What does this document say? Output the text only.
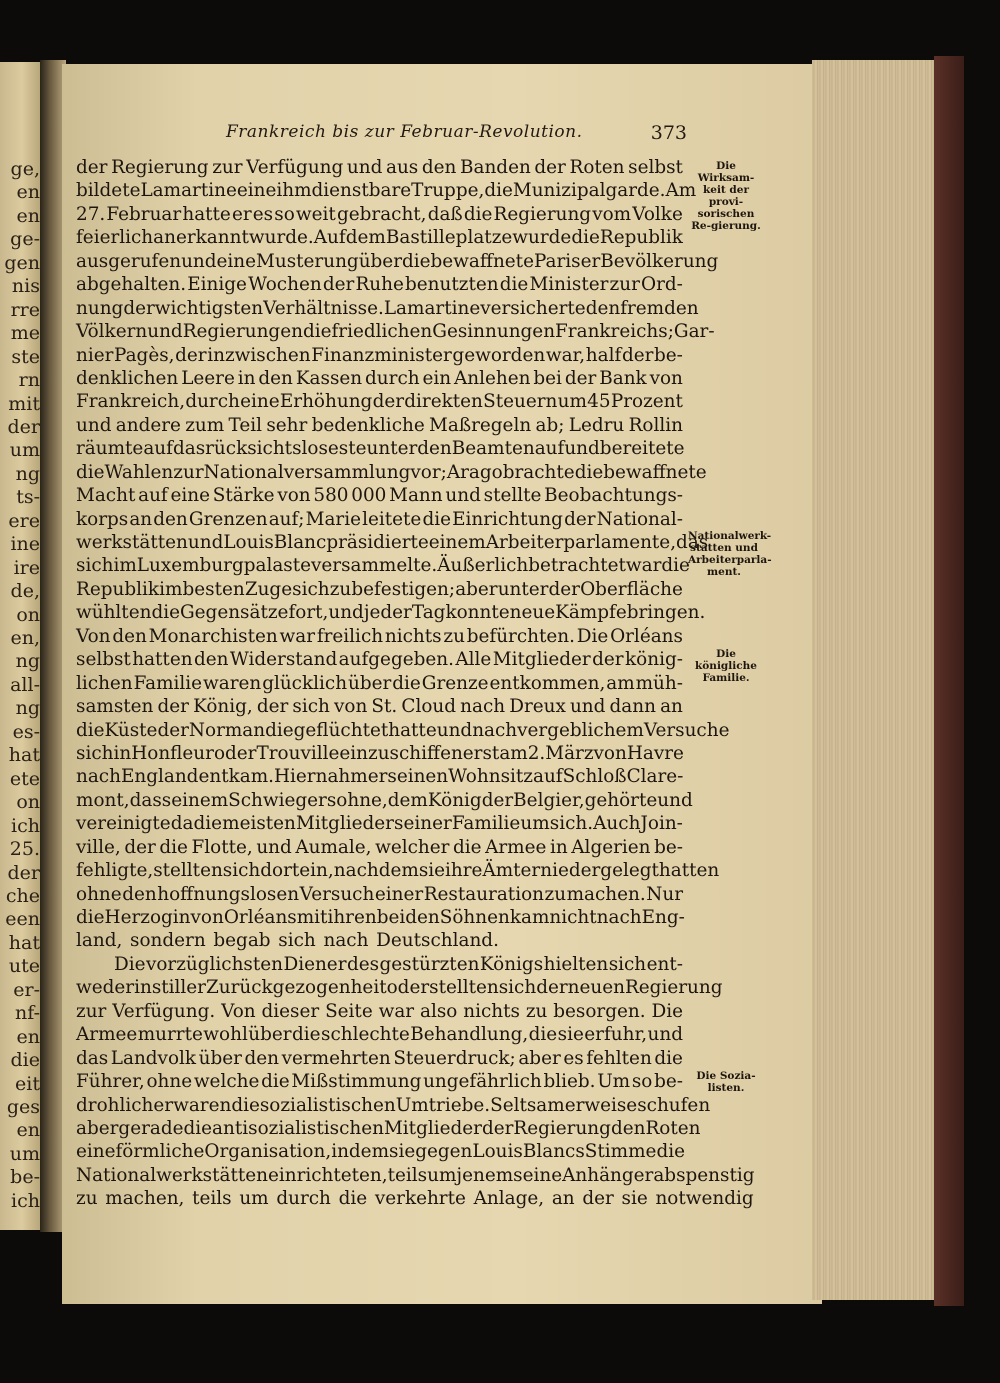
ge,
en
en
ge-
gen
nis
rre
me
ste
rn
mit
der
um
ng
ts-
ere
ine
ire
de,
on
en,
ng
all-
ng
es-
hat
ete
on
ich
25.
der
che
een
hat
ute
er-
nf-
en
die
eit
ges
en
um
be-
ich
Frankreich bis zur Februar-Revolution.	373
der Regierung zur Verfügung und aus den Banden der Roten selbst
bildete Lamartine eine ihm dienstbare Truppe, die Munizipalgarde. Am
27. Februar hatte er es so weit gebracht, daß die Regierung vom Volke
feierlich anerkannt wurde. Auf dem Bastilleplatze wurde die Republik
ausgerufen und eine Musterung über die bewaffnete Pariser Bevölkerung
abgehalten. Einige Wochen der Ruhe benutzten die Minister zur Ord-
nung der wichtigsten Verhältnisse. Lamartine versicherte den fremden
Völkern und Regierungen die friedlichen Gesinnungen Frankreichs; Gar-
nier Pagès, der inzwischen Finanzminister geworden war, half der be-
denklichen Leere in den Kassen durch ein Anlehen bei der Bank von
Frankreich, durch eine Erhöhung der direkten Steuern um 45 Prozent
und andere zum Teil sehr bedenkliche Maßregeln ab; Ledru Rollin
räumte auf das rücksichtsloseste unter den Beamten auf und bereitete
die Wahlen zur Nationalversammlung vor; Arago brachte die bewaffnete
Macht auf eine Stärke von 580 000 Mann und stellte Beobachtungs-
korps an den Grenzen auf; Marie leitete die Einrichtung der National-
werkstätten und Louis Blanc präsidierte einem Arbeiterparlamente, das
sich im Luxemburgpalaste versammelte. Äußerlich betrachtet war die
Republik im besten Zuge sich zu befestigen; aber unter der Oberfläche
wühlten die Gegensätze fort, und jeder Tag konnte neue Kämpfe bringen.
Von den Monarchisten war freilich nichts zu befürchten. Die Orléans
selbst hatten den Widerstand aufgegeben. Alle Mitglieder der könig-
lichen Familie waren glücklich über die Grenze entkommen, am müh-
samsten der König, der sich von St. Cloud nach Dreux und dann an
die Küste der Normandie geflüchtet hatte und nach vergeblichem Versuche
sich in Honfleur oder Trouville einzuschiffen erst am 2. März von Havre
nach England entkam. Hier nahm er seinen Wohnsitz auf Schloß Clare-
mont, das seinem Schwiegersohne, dem König der Belgier, gehörte und
vereinigte da die meisten Mitglieder seiner Familie um sich. Auch Join-
ville, der die Flotte, und Aumale, welcher die Armee in Algerien be-
fehligte, stellten sich dort ein, nachdem sie ihre Ämter niedergelegt hatten
ohne den hoffnungslosen Versuch einer Restauration zu machen. Nur
die Herzogin von Orléans mit ihren beiden Söhnen kam nicht nach Eng-
land, sondern begab sich nach Deutschland.
Die vorzüglichsten Diener des gestürzten Königs hielten sich ent-
weder in stiller Zurückgezogenheit oder stellten sich der neuen Regierung
zur Verfügung. Von dieser Seite war also nichts zu besorgen. Die
Armee murrte wohl über die schlechte Behandlung, die sie erfuhr, und
das Landvolk über den vermehrten Steuerdruck; aber es fehlten die
Führer, ohne welche die Mißstimmung ungefährlich blieb. Um so be-
drohlicher waren die sozialistischen Umtriebe. Seltsamerweise schufen
aber gerade die antisozialistischen Mitglieder der Regierung den Roten
eine förmliche Organisation, indem sie gegen Louis Blancs Stimme die
Nationalwerkstätten einrichteten, teils um jenem seine Anhänger abspenstig
zu machen, teils um durch die verkehrte Anlage, an der sie notwendig
Die Wirksam-keit der provi-sorischen Re-gierung.
Nationalwerk-stätten und Arbeiterparla-ment.
Die königliche Familie.
Die Sozia-listen.
